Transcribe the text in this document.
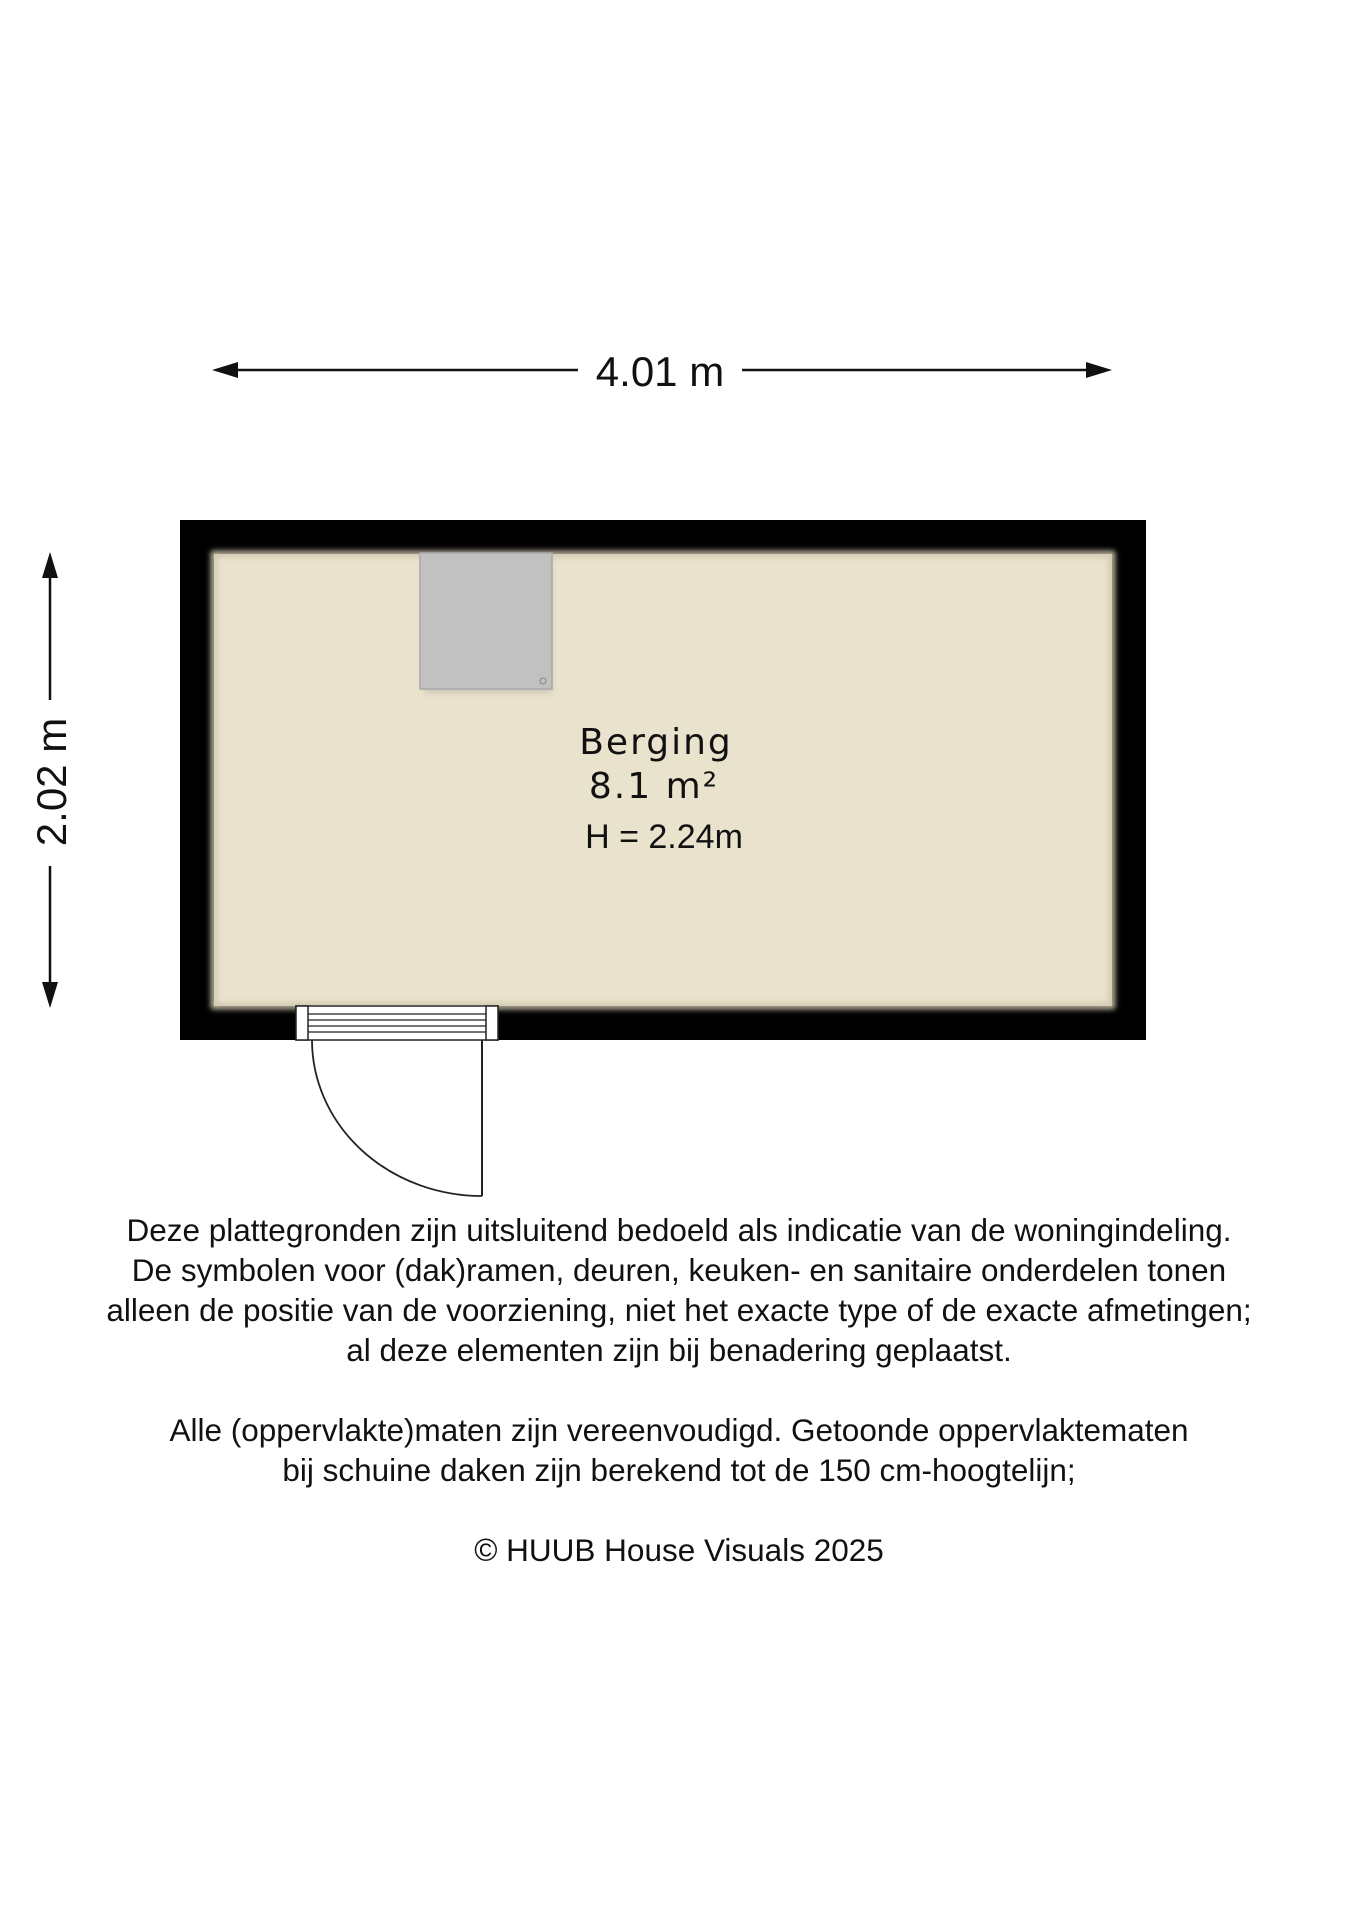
4.01 m
2.02 m	Berging
8.1 m²
H = 2.24m

Deze plattegronden zijn uitsluitend bedoeld als indicatie van de woningindeling.

De symbolen voor (dak)ramen, deuren, keuken- en sanitaire onderdelen tonen

alleen de positie van de voorziening, niet het exacte type of de exacte afmetingen;

al deze elementen zijn bij benadering geplaatst.

Alle (oppervlakte)maten zijn vereenvoudigd. Getoonde oppervlaktematen

bij schuine daken zijn berekend tot de 150 cm-hoogtelijn;

© HUUB House Visuals 2025
